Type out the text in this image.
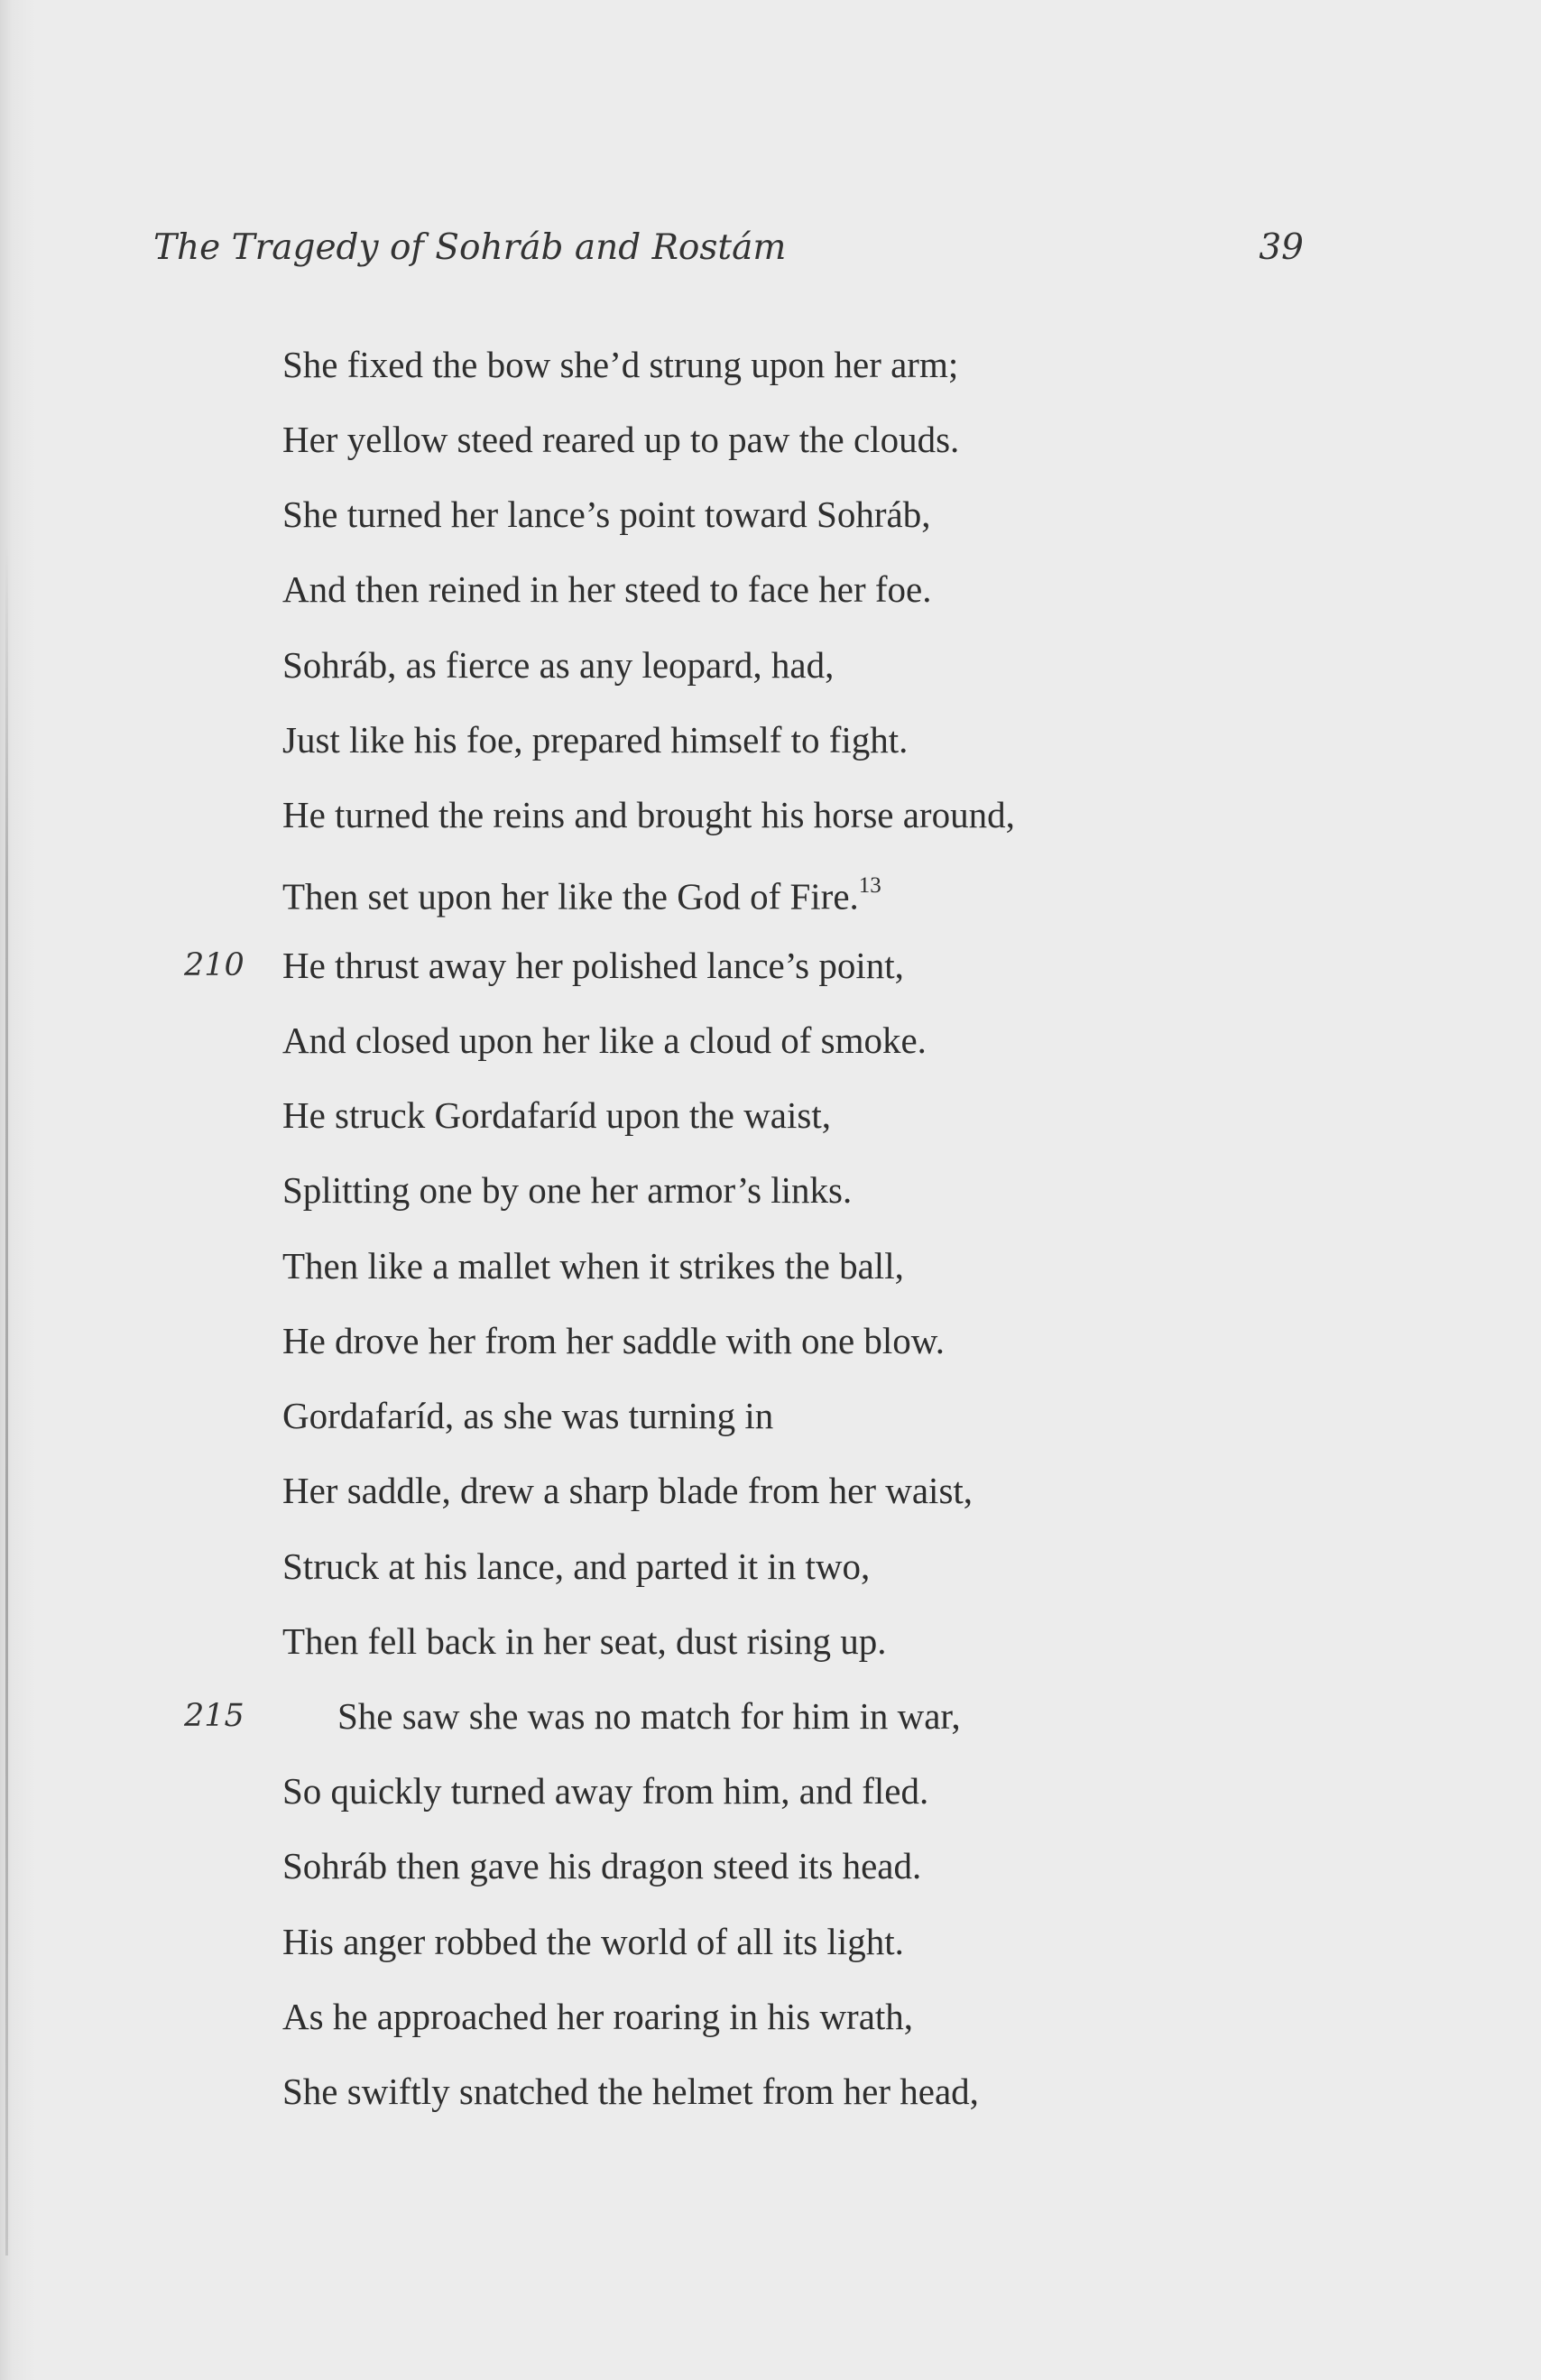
The Tragedy of Sohráb and Rostám	39
She fixed the bow she’d strung upon her arm;
Her yellow steed reared up to paw the clouds.
She turned her lance’s point toward Sohráb,
And then reined in her steed to face her foe.
Sohráb, as fierce as any leopard, had,
Just like his foe, prepared himself to fight.
He turned the reins and brought his horse around,
Then set upon her like the God of Fire.$^{13}$
210 He thrust away her polished lance’s point,
And closed upon her like a cloud of smoke.
He struck Gordafaríd upon the waist,
Splitting one by one her armor’s links.
Then like a mallet when it strikes the ball,
He drove her from her saddle with one blow.
Gordafaríd, as she was turning in
Her saddle, drew a sharp blade from her waist,
Struck at his lance, and parted it in two,
Then fell back in her seat, dust rising up.
215	She saw she was no match for him in war,
So quickly turned away from him, and fled.
Sohráb then gave his dragon steed its head.
His anger robbed the world of all its light.
As he approached her roaring in his wrath,
She swiftly snatched the helmet from her head,
